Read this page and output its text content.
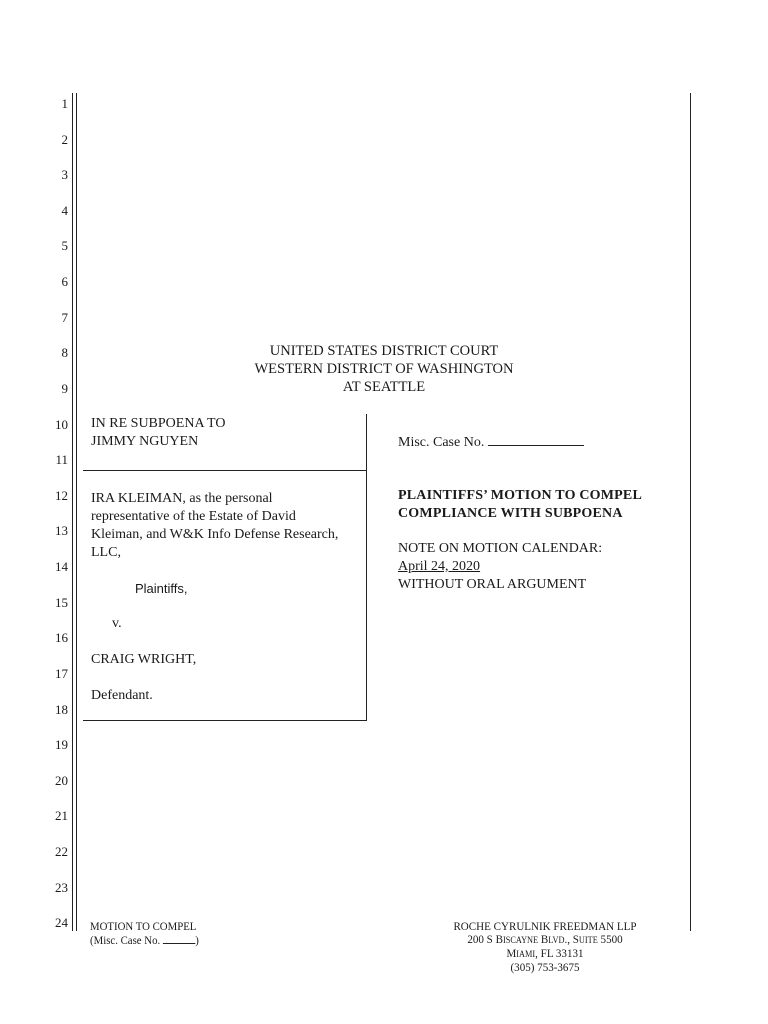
1
2
3
4
5
6
7
8
9
10
11
12
13
14
15
16
17
18
19
20
21
22
23
24
UNITED STATES DISTRICT COURT
WESTERN DISTRICT OF WASHINGTON
AT SEATTLE
IN RE SUBPOENA TO
JIMMY NGUYEN
IRA KLEIMAN, as the personal
representative of the Estate of David
Kleiman, and W&K Info Defense Research,
LLC,
Plaintiffs,
v.
CRAIG WRIGHT,
Defendant.
Misc. Case No.
PLAINTIFFS’ MOTION TO COMPEL
COMPLIANCE WITH SUBPOENA
NOTE ON MOTION CALENDAR:
April 24, 2020
WITHOUT ORAL ARGUMENT
MOTION TO COMPEL
(Misc. Case No.	)
ROCHE CYRULNIK FREEDMAN LLP
200 S BISCAYNE BLVD., SUITE 5500
MIAMI, FL 33131
(305) 753-3675
